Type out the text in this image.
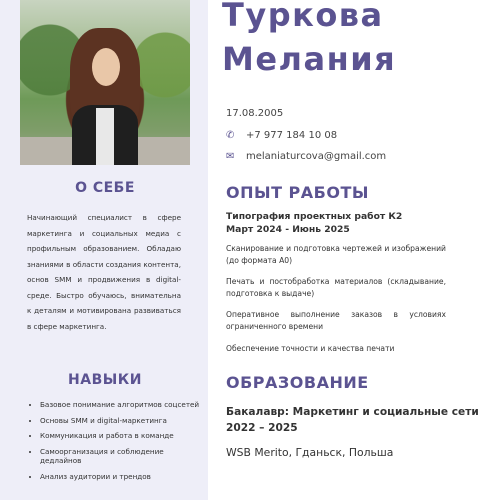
О СЕБЕ
Начинающий специалист в сфере маркетинга и социальных медиа с профильным образованием. Обладаю знаниями в области создания контента, основ SMM и продвижения в digital-среде. Быстро обучаюсь, внимательна к деталям и мотивирована развиваться в сфере маркетинга.
НАВЫКИ
• Базовое понимание алгоритмов соцсетей
• Основы SMM и digital-маркетинга
• Коммуникация и работа в команде
• Самоорганизация и соблюдение дедлайнов
• Анализ аудитории и трендов
Туркова
Мелания
17.08.2005
✆ +7 977 184 10 08
✉ melaniaturcova@gmail.com
ОПЫТ РАБОТЫ
Типография проектных работ К2
Март 2024 - Июнь 2025
Сканирование и подготовка чертежей и изображений (до формата А0)
Печать и постобработка материалов (складывание, подготовка к выдаче)
Оперативное выполнение заказов в условиях ограниченного времени
Обеспечение точности и качества печати
ОБРАЗОВАНИЕ
Бакалавр: Маркетинг и социальные сети
2022 – 2025
WSB Merito, Гданьск, Польша
